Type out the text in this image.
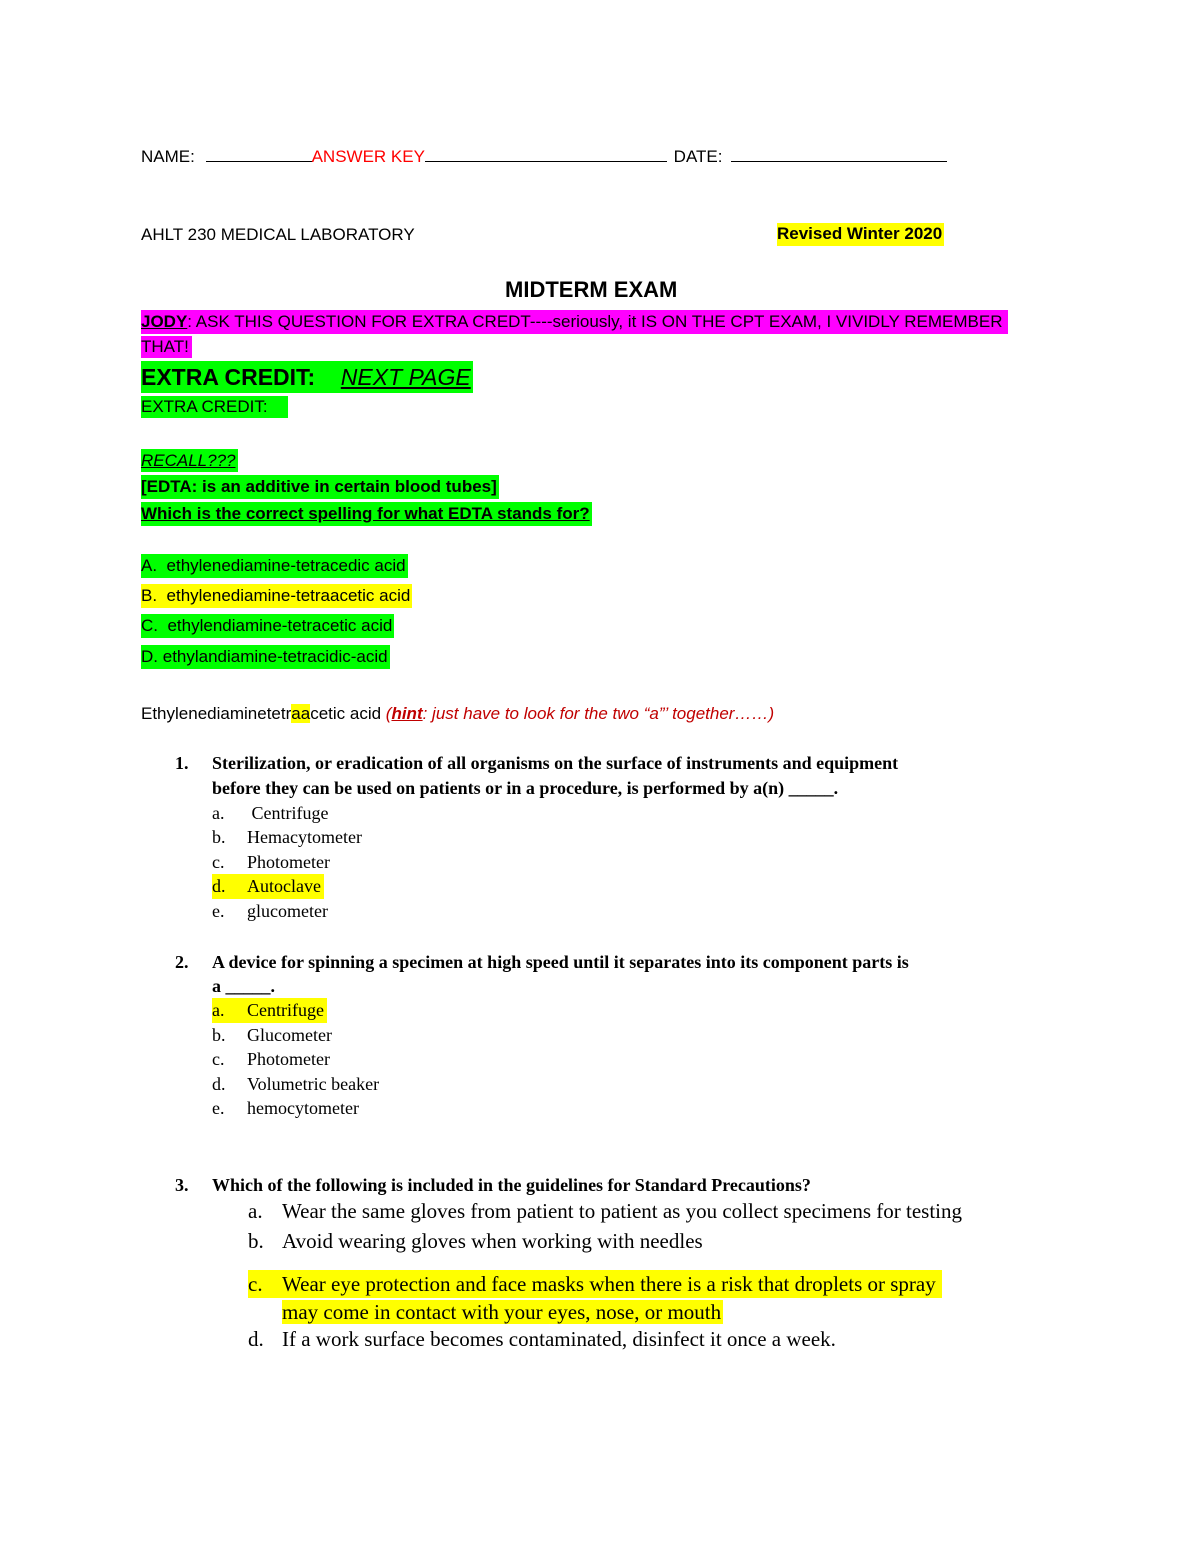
NAME:	ANSWER KEY	DATE:
AHLT 230 MEDICAL LABORATORY	Revised Winter 2020
MIDTERM EXAM
JODY: ASK THIS QUESTION FOR EXTRA CREDT----seriously, it IS ON THE CPT EXAM, I VIVIDLY REMEMBER
THAT!
EXTRA CREDIT: NEXT PAGE
EXTRA CREDIT:
RECALL???
[EDTA: is an additive in certain blood tubes]
Which is the correct spelling for what EDTA stands for?
A. ethylenediamine-tetracedic acid
B. ethylenediamine-tetraacetic acid
C. ethylendiamine-tetracetic acid
D. ethylandiamine-tetracidic-acid
Ethylenediaminetetraacetic acid (hint: just have to look for the two “a”’ together……)
1. Sterilization, or eradication of all organisms on the surface of instruments and equipment
before they can be used on patients or in a procedure, is performed by a(n) _____.
a. Centrifuge
b. Hemacytometer
c. Photometer
d. Autoclave
e. glucometer
2. A device for spinning a specimen at high speed until it separates into its component parts is
a _____.
a. Centrifuge
b. Glucometer
c. Photometer
d. Volumetric beaker
e. hemocytometer
3. Which of the following is included in the guidelines for Standard Precautions?
a. Wear the same gloves from patient to patient as you collect specimens for testing
b. Avoid wearing gloves when working with needles
c. Wear eye protection and face masks when there is a risk that droplets or spray
may come in contact with your eyes, nose, or mouth
d. If a work surface becomes contaminated, disinfect it once a week.
